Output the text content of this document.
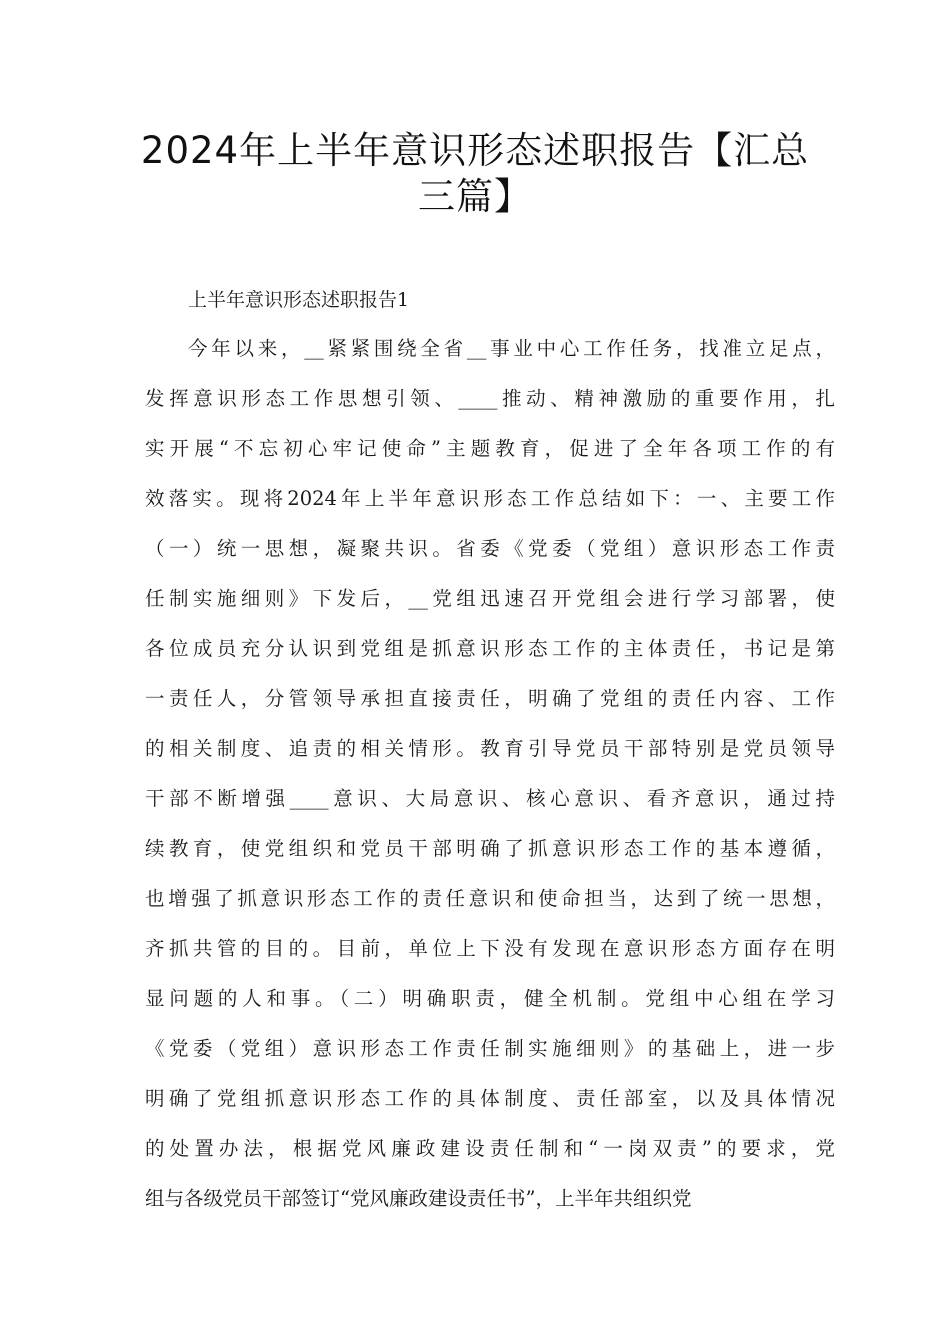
2024年上半年意识形态述职报告【汇总
三篇】

上半年意识形态述职报告1

今年以来，__紧紧围绕全省__事业中心工作任务，找准立足点，

发挥意识形态工作思想引领、____推动、精神激励的重要作用，扎

实开展“不忘初心牢记使命”主题教育，促进了全年各项工作的有

效落实。现将2024年上半年意识形态工作总结如下：一、主要工作

（一）统一思想，凝聚共识。省委《党委（党组）意识形态工作责

任制实施细则》下发后，__党组迅速召开党组会进行学习部署，使

各位成员充分认识到党组是抓意识形态工作的主体责任，书记是第

一责任人，分管领导承担直接责任，明确了党组的责任内容、工作

的相关制度、追责的相关情形。教育引导党员干部特别是党员领导

干部不断增强____意识、大局意识、核心意识、看齐意识，通过持

续教育，使党组织和党员干部明确了抓意识形态工作的基本遵循，

也增强了抓意识形态工作的责任意识和使命担当，达到了统一思想，

齐抓共管的目的。目前，单位上下没有发现在意识形态方面存在明

显问题的人和事。（二）明确职责，健全机制。党组中心组在学习

《党委（党组）意识形态工作责任制实施细则》的基础上，进一步

明确了党组抓意识形态工作的具体制度、责任部室，以及具体情况

的处置办法，根据党风廉政建设责任制和“一岗双责”的要求，党

组与各级党员干部签订“党风廉政建设责任书”，上半年共组织党
